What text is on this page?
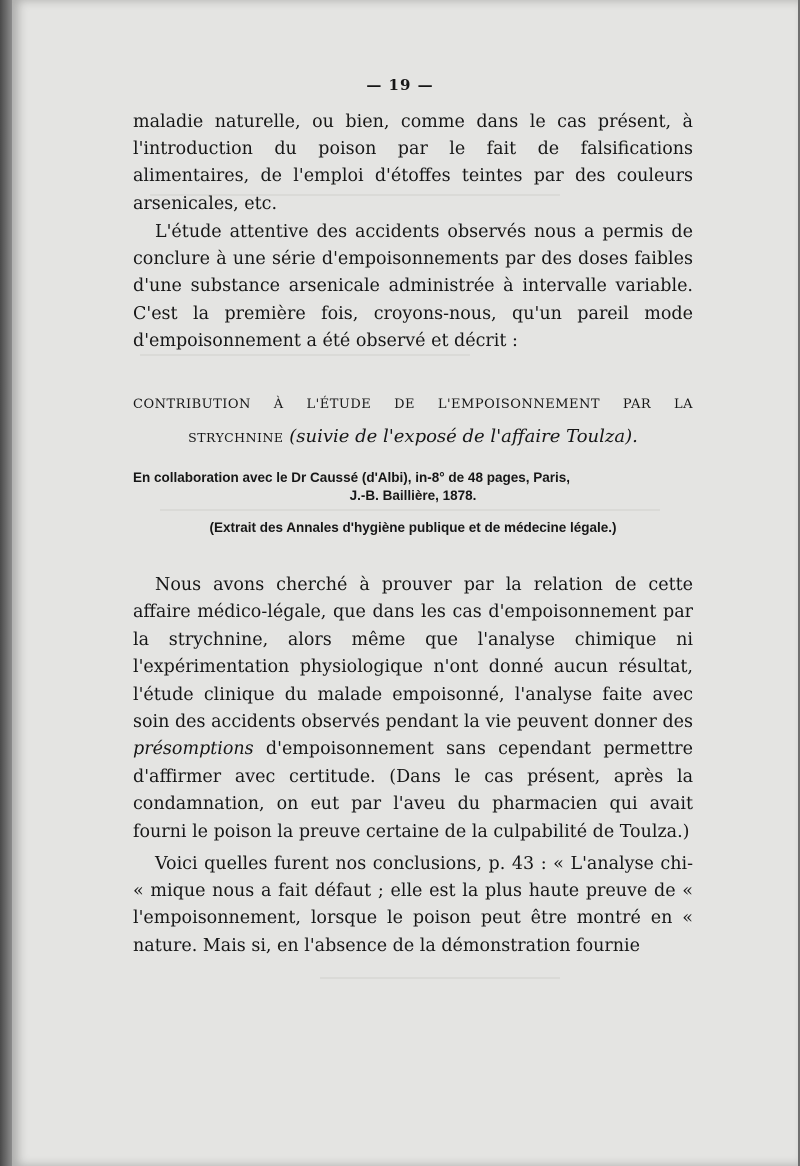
— 19 —

maladie naturelle, ou bien, comme dans le cas présent, à l'introduction du poison par le fait de falsifications alimentaires, de l'emploi d'étoffes teintes par des couleurs arsenicales, etc.

L'étude attentive des accidents observés nous a permis de conclure à une série d'empoisonnements par des doses faibles d'une substance arsenicale administrée à intervalle variable. C'est la première fois, croyons-nous, qu'un pareil mode d'empoisonnement a été observé et décrit :

CONTRIBUTION À L'ÉTUDE DE L'EMPOISONNEMENT PAR LA

STRYCHNINE (suivie de l'exposé de l'affaire Toulza).

En collaboration avec le Dr Caussé (d'Albi), in-8° de 48 pages, Paris,

J.-B. Baillière, 1878.

(Extrait des Annales d'hygiène publique et de médecine légale.)

Nous avons cherché à prouver par la relation de cette affaire médico-légale, que dans les cas d'empoisonnement par la strychnine, alors même que l'analyse chimique ni l'expérimentation physiologique n'ont donné aucun résultat, l'étude clinique du malade empoisonné, l'analyse faite avec soin des accidents observés pendant la vie peuvent donner des présomptions d'empoisonnement sans cependant permettre d'affirmer avec certitude. (Dans le cas présent, après la condamnation, on eut par l'aveu du pharmacien qui avait fourni le poison la preuve certaine de la culpabilité de Toulza.)

Voici quelles furent nos conclusions, p. 43 : « L'analyse chi- « mique nous a fait défaut ; elle est la plus haute preuve de « l'empoisonnement, lorsque le poison peut être montré en « nature. Mais si, en l'absence de la démonstration fournie
